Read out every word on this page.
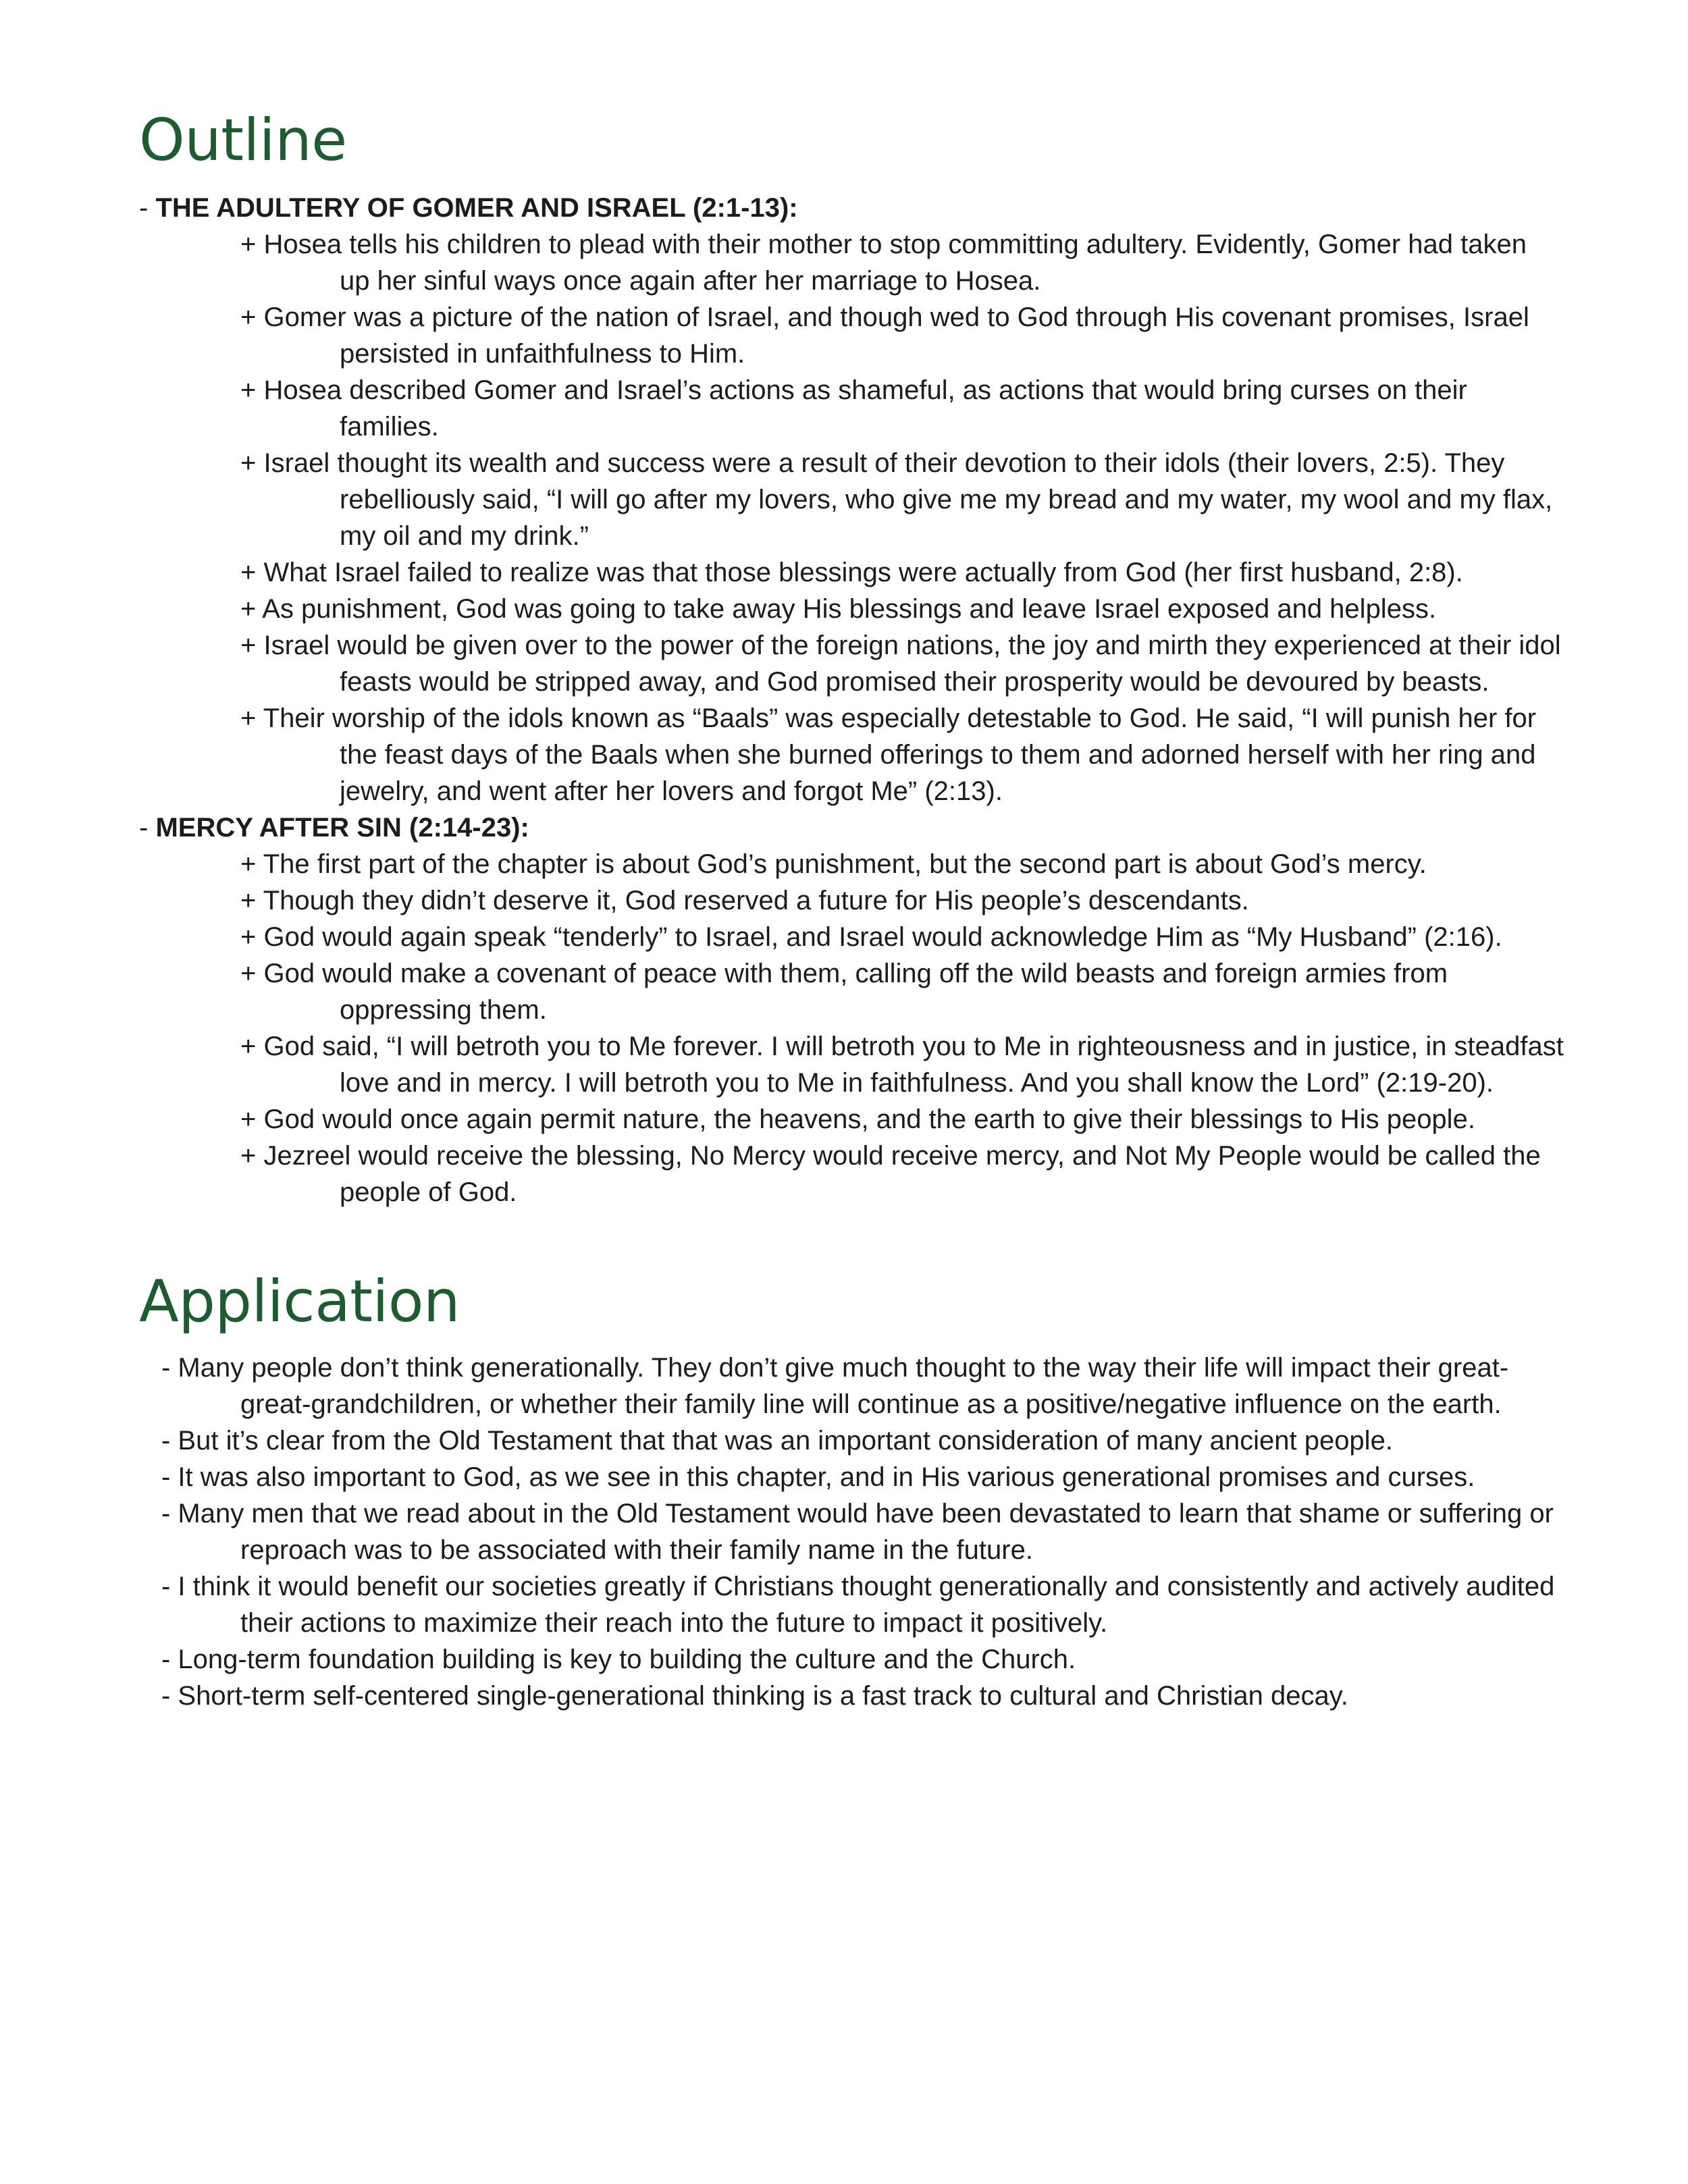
Outline

- THE ADULTERY OF GOMER AND ISRAEL (2:1-13):

+ Hosea tells his children to plead with their mother to stop committing adultery. Evidently, Gomer had taken up her sinful ways once again after her marriage to Hosea.
+ Gomer was a picture of the nation of Israel, and though wed to God through His covenant promises, Israel persisted in unfaithfulness to Him.
+ Hosea described Gomer and Israel’s actions as shameful, as actions that would bring curses on their families.
+ Israel thought its wealth and success were a result of their devotion to their idols (their lovers, 2:5). They rebelliously said, “I will go after my lovers, who give me my bread and my water, my wool and my flax, my oil and my drink.”
+ What Israel failed to realize was that those blessings were actually from God (her first husband, 2:8).
+ As punishment, God was going to take away His blessings and leave Israel exposed and helpless.
+ Israel would be given over to the power of the foreign nations, the joy and mirth they experienced at their idol feasts would be stripped away, and God promised their prosperity would be devoured by beasts.
+ Their worship of the idols known as “Baals” was especially detestable to God. He said, “I will punish her for the feast days of the Baals when she burned offerings to them and adorned herself with her ring and jewelry, and went after her lovers and forgot Me” (2:13).

- MERCY AFTER SIN (2:14-23):

+ The first part of the chapter is about God’s punishment, but the second part is about God’s mercy.
+ Though they didn’t deserve it, God reserved a future for His people’s descendants.
+ God would again speak “tenderly” to Israel, and Israel would acknowledge Him as “My Husband” (2:16).
+ God would make a covenant of peace with them, calling off the wild beasts and foreign armies from oppressing them.
+ God said, “I will betroth you to Me forever. I will betroth you to Me in righteousness and in justice, in steadfast love and in mercy. I will betroth you to Me in faithfulness. And you shall know the Lord” (2:19-20).
+ God would once again permit nature, the heavens, and the earth to give their blessings to His people.
+ Jezreel would receive the blessing, No Mercy would receive mercy, and Not My People would be called the people of God.
Application
- Many people don’t think generationally. They don’t give much thought to the way their life will impact their great-great-grandchildren, or whether their family line will continue as a positive/negative influence on the earth.
- But it’s clear from the Old Testament that that was an important consideration of many ancient people.
- It was also important to God, as we see in this chapter, and in His various generational promises and curses.
- Many men that we read about in the Old Testament would have been devastated to learn that shame or suffering or reproach was to be associated with their family name in the future.
- I think it would benefit our societies greatly if Christians thought generationally and consistently and actively audited their actions to maximize their reach into the future to impact it positively.
- Long-term foundation building is key to building the culture and the Church.
- Short-term self-centered single-generational thinking is a fast track to cultural and Christian decay.
